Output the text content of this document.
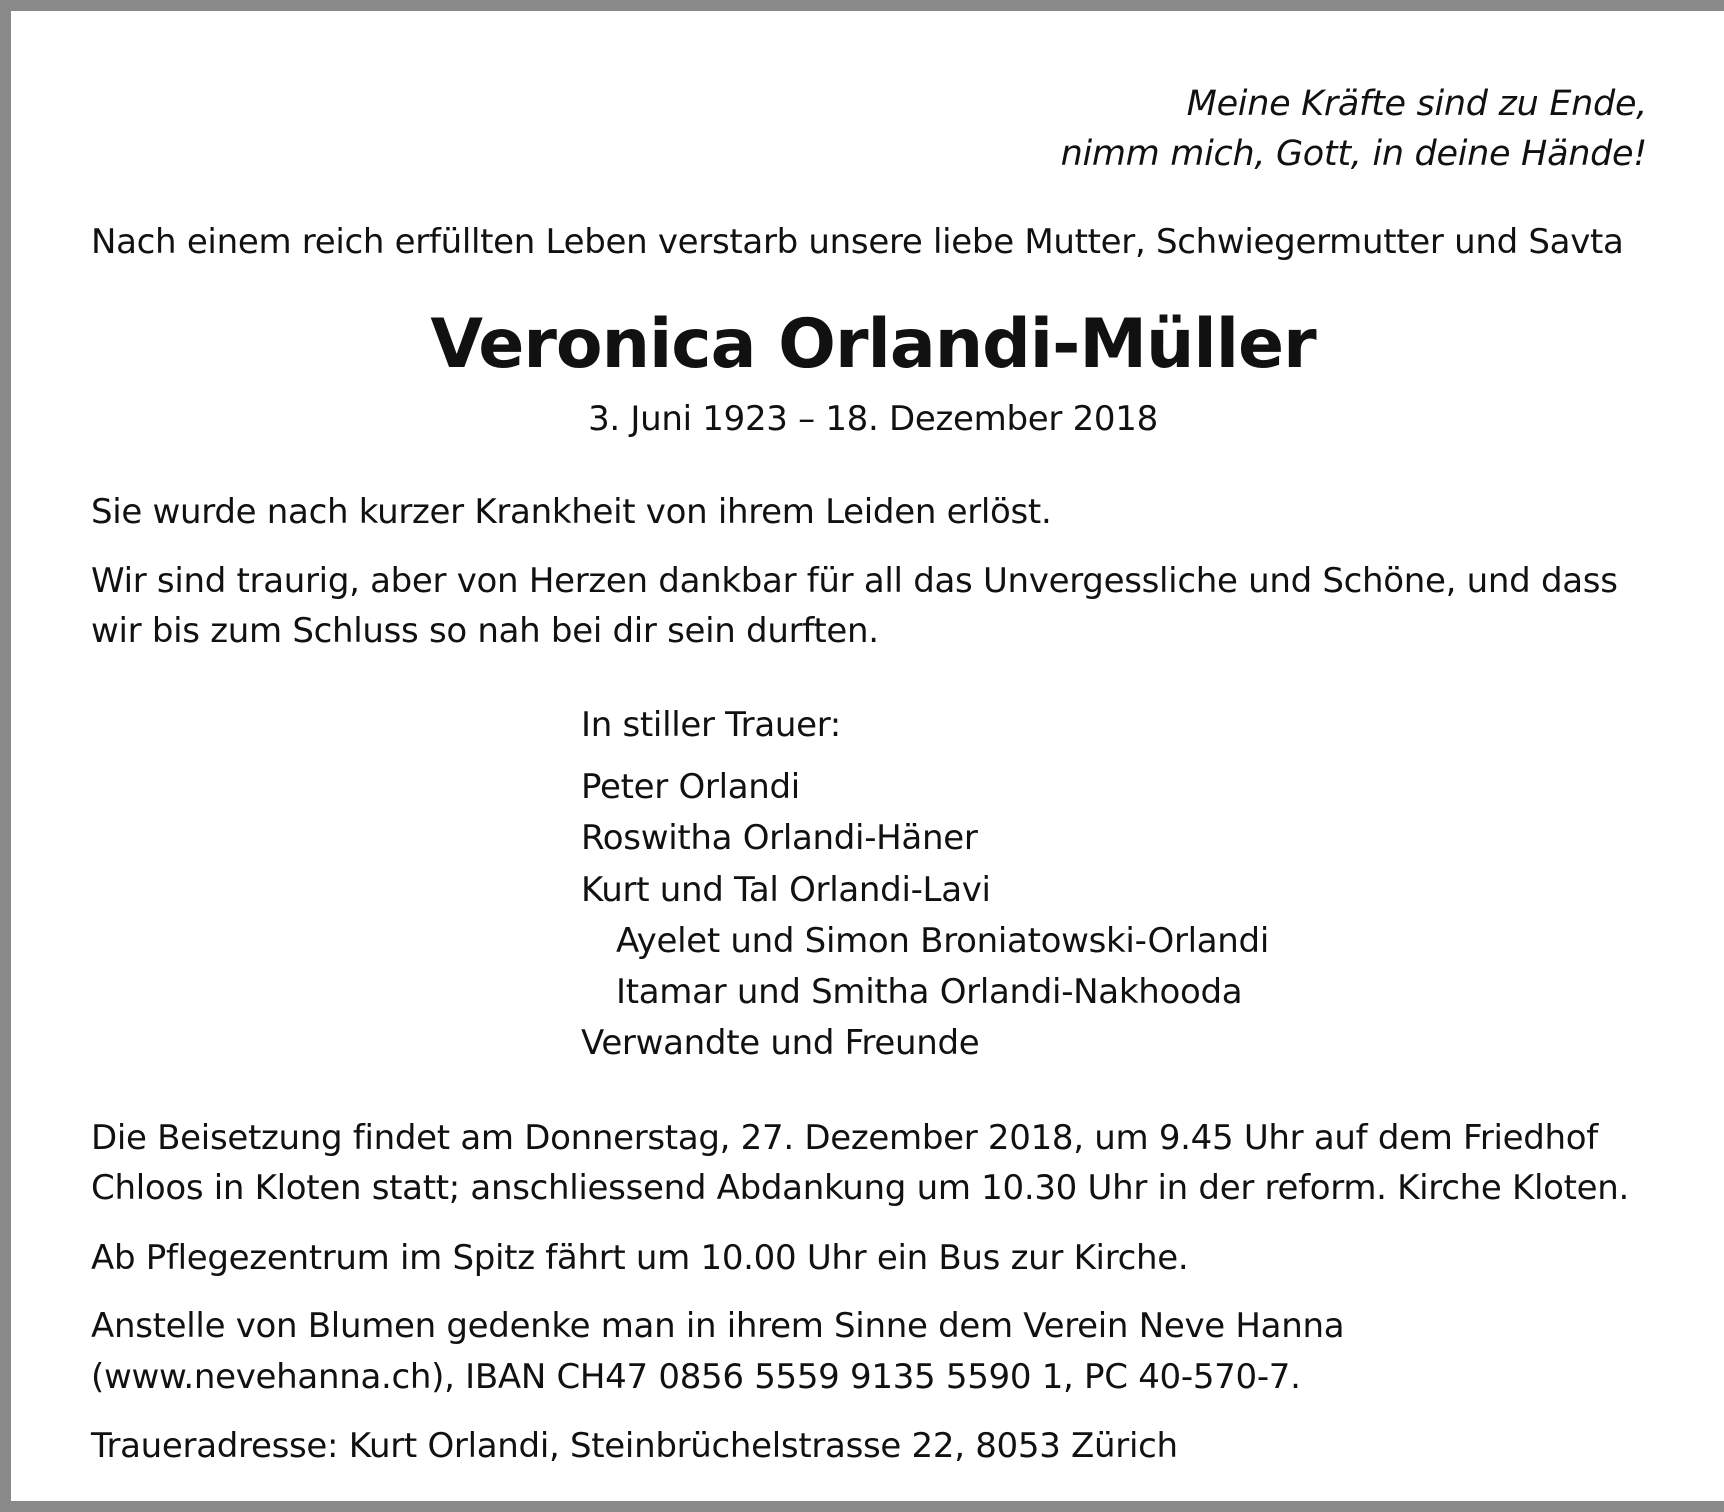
Meine Kräfte sind zu Ende,
nimm mich, Gott, in deine Hände!
Nach einem reich erfüllten Leben verstarb unsere liebe Mutter, Schwiegermutter und Savta
Veronica Orlandi-Müller
3. Juni 1923 – 18. Dezember 2018
Sie wurde nach kurzer Krankheit von ihrem Leiden erlöst.
Wir sind traurig, aber von Herzen dankbar für all das Unvergessliche und Schöne, und dass
wir bis zum Schluss so nah bei dir sein durften.
In stiller Trauer:
Peter Orlandi
Roswitha Orlandi-Häner
Kurt und Tal Orlandi-Lavi
Ayelet und Simon Broniatowski-Orlandi
Itamar und Smitha Orlandi-Nakhooda
Verwandte und Freunde
Die Beisetzung findet am Donnerstag, 27. Dezember 2018, um 9.45 Uhr auf dem Friedhof
Chloos in Kloten statt; anschliessend Abdankung um 10.30 Uhr in der reform. Kirche Kloten.
Ab Pflegezentrum im Spitz fährt um 10.00 Uhr ein Bus zur Kirche.
Anstelle von Blumen gedenke man in ihrem Sinne dem Verein Neve Hanna
(www.nevehanna.ch), IBAN CH47 0856 5559 9135 5590 1, PC 40-570-7.
Traueradresse: Kurt Orlandi, Steinbrüchelstrasse 22, 8053 Zürich
